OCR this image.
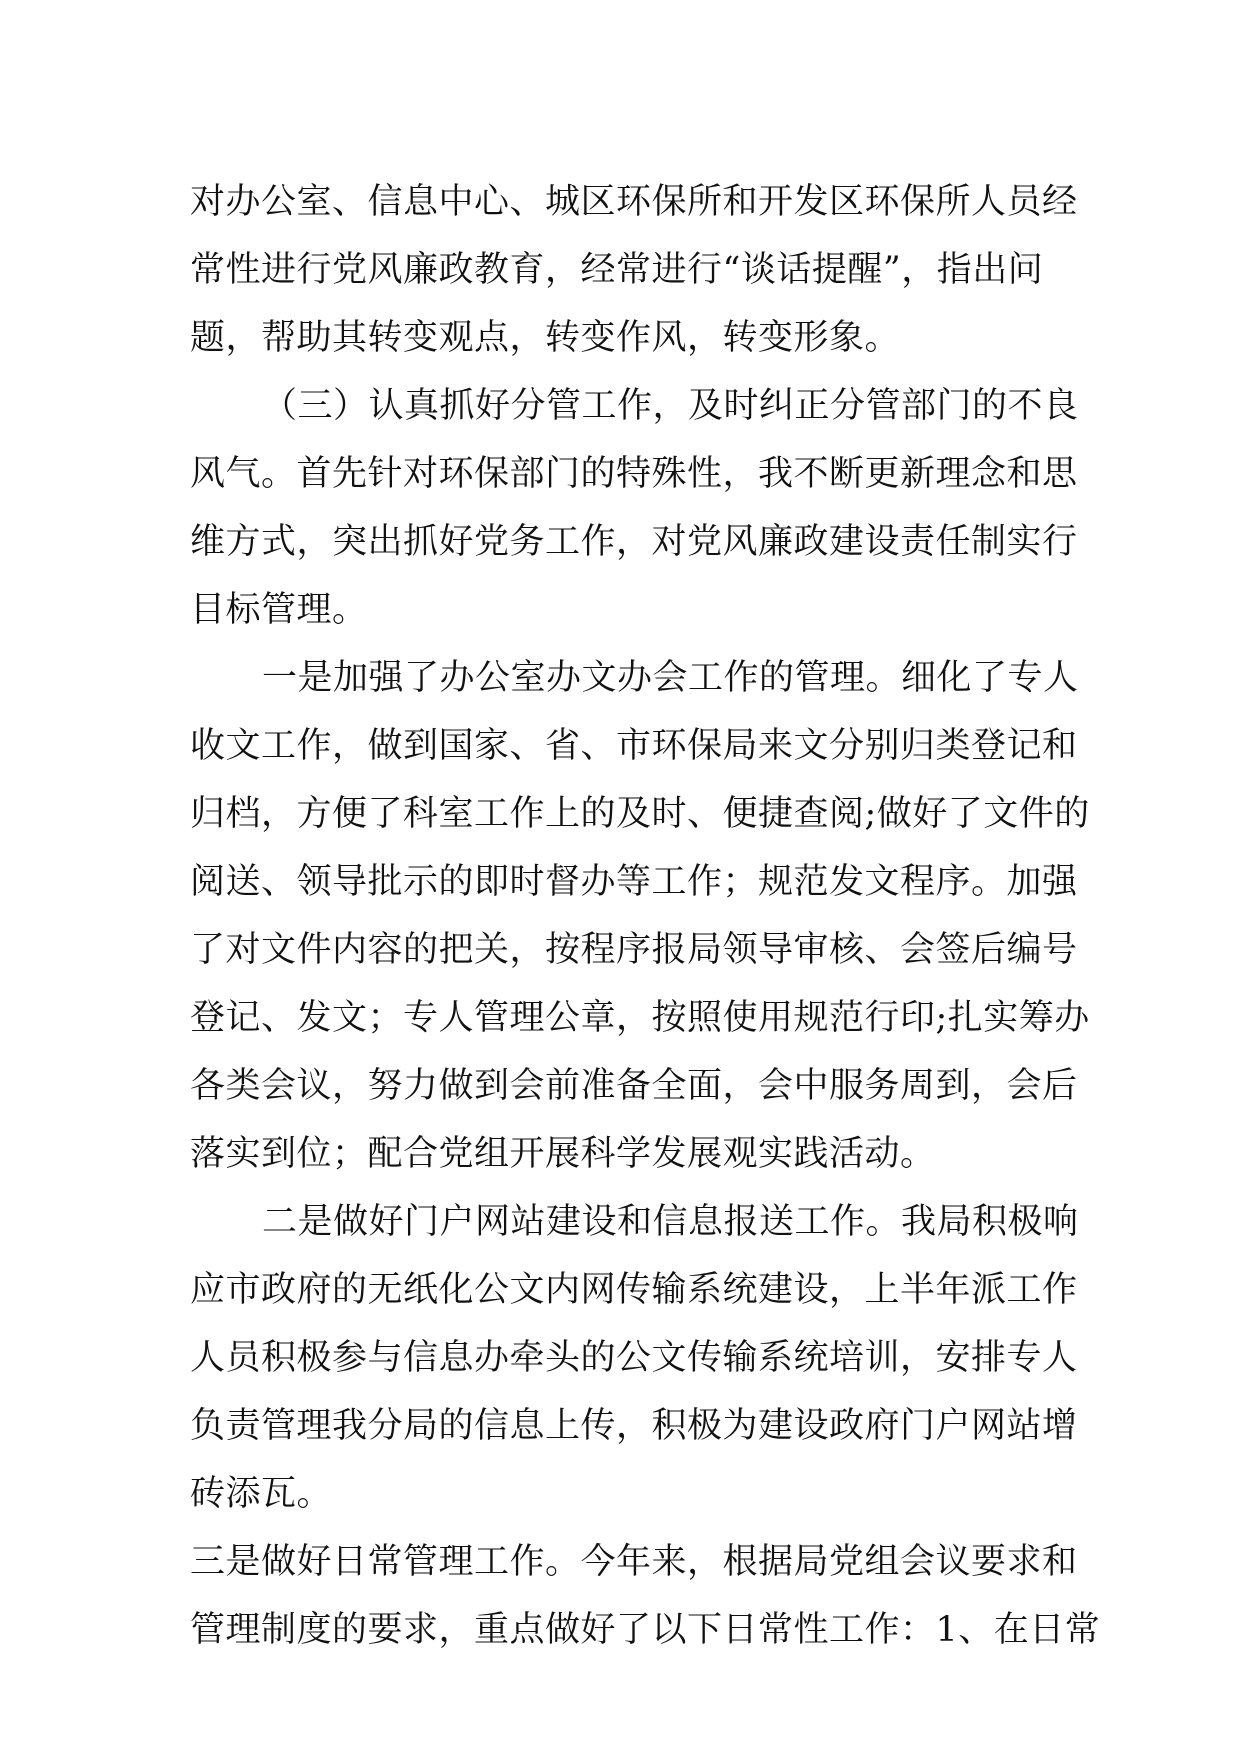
对办公室、信息中心、城区环保所和开发区环保所人员经
常性进行党风廉政教育，经常进行“谈话提醒”，指出问
题，帮助其转变观点，转变作风，转变形象。
（三）认真抓好分管工作，及时纠正分管部门的不良
风气。首先针对环保部门的特殊性，我不断更新理念和思
维方式，突出抓好党务工作，对党风廉政建设责任制实行
目标管理。
一是加强了办公室办文办会工作的管理。细化了专人
收文工作，做到国家、省、市环保局来文分别归类登记和
归档，方便了科室工作上的及时、便捷查阅;做好了文件的
阅送、领导批示的即时督办等工作；规范发文程序。加强
了对文件内容的把关，按程序报局领导审核、会签后编号
登记、发文；专人管理公章，按照使用规范行印;扎实筹办
各类会议，努力做到会前准备全面，会中服务周到，会后
落实到位；配合党组开展科学发展观实践活动。
二是做好门户网站建设和信息报送工作。我局积极响
应市政府的无纸化公文内网传输系统建设，上半年派工作
人员积极参与信息办牵头的公文传输系统培训，安排专人
负责管理我分局的信息上传，积极为建设政府门户网站增
砖添瓦。
三是做好日常管理工作。今年来，根据局党组会议要求和
管理制度的要求，重点做好了以下日常性工作：1、在日常
